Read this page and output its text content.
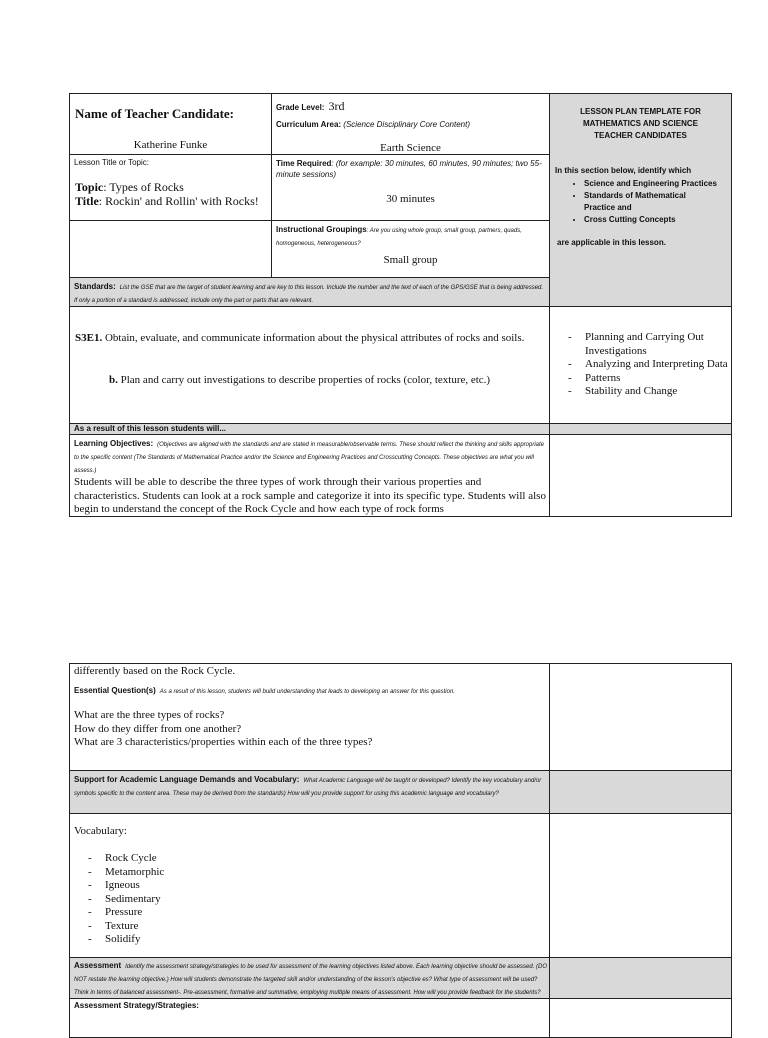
Name of Teacher Candidate:
Katherine Funke
Grade Level: 3rd
Curriculum Area: (Science Disciplinary Core Content)
Earth Science
LESSON PLAN TEMPLATE FOR
MATHEMATICS AND SCIENCE
TEACHER CANDIDATES
In this section below, identify which
• Science and Engineering Practices
• Standards of Mathematical Practice and
• Cross Cutting Concepts
are applicable in this lesson.
Lesson Title or Topic:
Topic: Types of Rocks
Title: Rockin' and Rollin' with Rocks!
Time Required: (for example: 30 minutes, 60 minutes, 90 minutes; two 55-minute sessions)
30 minutes
Instructional Groupings: Are you using whole group, small group, partners, quads, homogeneous, heterogeneous?
Small group
Standards: List the GSE that are the target of student learning and are key to this lesson. Include the number and the text of each of the GPS/GSE that is being addressed. If only a portion of a standard is addressed, include only the part or parts that are relevant.
S3E1. Obtain, evaluate, and communicate information about the physical attributes of rocks and soils.
b. Plan and carry out investigations to describe properties of rocks (color, texture, etc.)
- Planning and Carrying Out Investigations
- Analyzing and Interpreting Data
- Patterns
- Stability and Change
As a result of this lesson students will...
Learning Objectives: (Objectives are aligned with the standards and are stated in measurable/observable terms. These should reflect the thinking and skills appropriate to the specific content (The Standards of Mathematical Practice and/or the Science and Engineering Practices and Crosscutting Concepts. These objectives are what you will assess.)
Students will be able to describe the three types of work through their various properties and characteristics. Students can look at a rock sample and categorize it into its specific type. Students will also begin to understand the concept of the Rock Cycle and how each type of rock forms
differently based on the Rock Cycle.
Essential Question(s) As a result of this lesson, students will build understanding that leads to developing an answer for this question.
What are the three types of rocks?
How do they differ from one another?
What are 3 characteristics/properties within each of the three types?
Support for Academic Language Demands and Vocabulary: What Academic Language will be taught or developed? Identify the key vocabulary and/or symbols specific to the content area. These may be derived from the standards) How will you provide support for using this academic language and vocabulary?
Vocabulary:
- Rock Cycle
- Metamorphic
- Igneous
- Sedimentary
- Pressure
- Texture
- Solidify
Assessment Identify the assessment strategy/strategies to be used for assessment of the learning objectives listed above. Each learning objective should be assessed. (DO NOT restate the learning objective.) How will students demonstrate the targeted skill and/or understanding of the lesson's objective es? What type of assessment will be used? Think in terms of balanced assessment-. Pre-assessment, formative and summative, employing multiple means of assessment. How will you provide feedback for the students?
Assessment Strategy/Strategies:
